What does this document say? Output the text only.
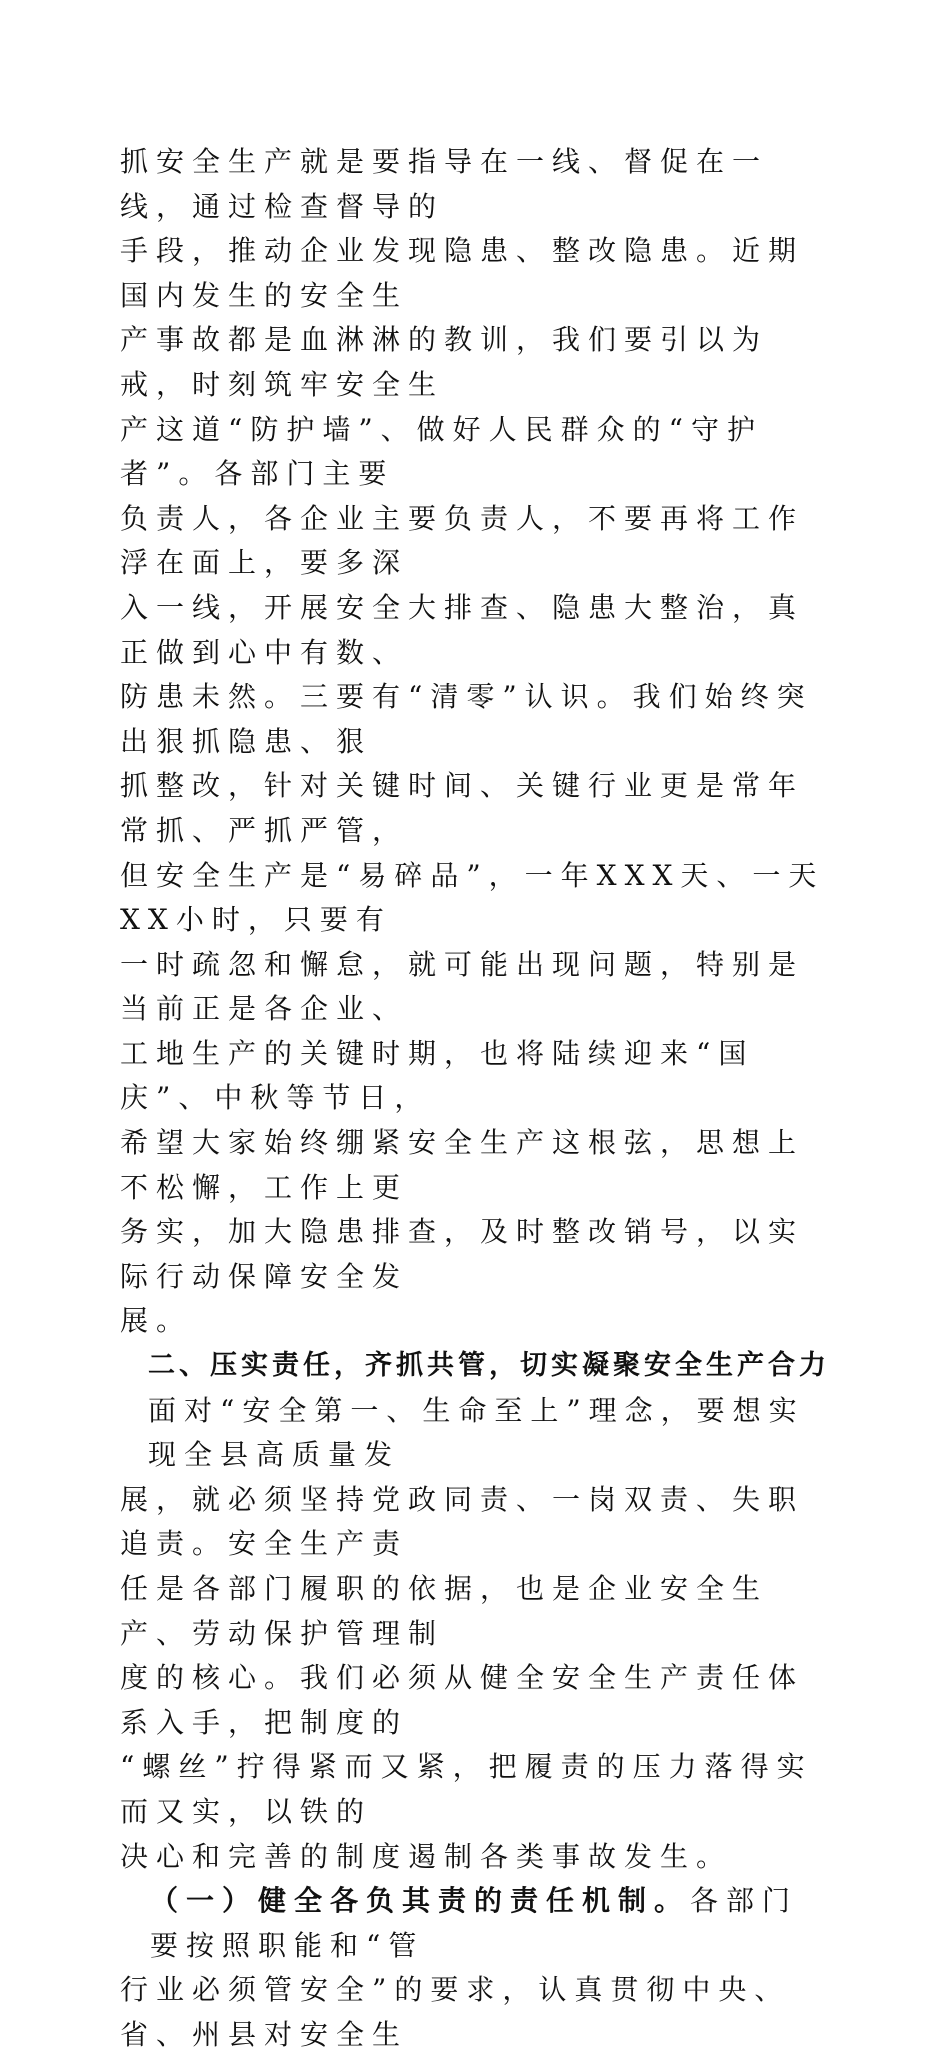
抓安全生产就是要指导在一线、督促在一线，通过检查督导的
手段，推动企业发现隐患、整改隐患。近期国内发生的安全生
产事故都是血淋淋的教训，我们要引以为戒，时刻筑牢安全生
产这道“防护墙”、做好人民群众的“守护者”。各部门主要
负责人，各企业主要负责人，不要再将工作浮在面上，要多深
入一线，开展安全大排查、隐患大整治，真正做到心中有数、
防患未然。三要有“清零”认识。我们始终突出狠抓隐患、狠
抓整改，针对关键时间、关键行业更是常年常抓、严抓严管，
但安全生产是“易碎品”，一年XXX天、一天XX小时，只要有
一时疏忽和懈怠，就可能出现问题，特别是当前正是各企业、
工地生产的关键时期，也将陆续迎来“国庆”、中秋等节日，
希望大家始终绷紧安全生产这根弦，思想上不松懈，工作上更
务实，加大隐患排查，及时整改销号，以实际行动保障安全发
展。
二、压实责任，齐抓共管，切实凝聚安全生产合力
面对“安全第一、生命至上”理念，要想实现全县高质量发
展，就必须坚持党政同责、一岗双责、失职追责。安全生产责
任是各部门履职的依据，也是企业安全生产、劳动保护管理制
度的核心。我们必须从健全安全生产责任体系入手，把制度的
“螺丝”拧得紧而又紧，把履责的压力落得实而又实，以铁的
决心和完善的制度遏制各类事故发生。
（一）健全各负其责的责任机制。各部门要按照职能和“管
行业必须管安全”的要求，认真贯彻中央、省、州县对安全生
